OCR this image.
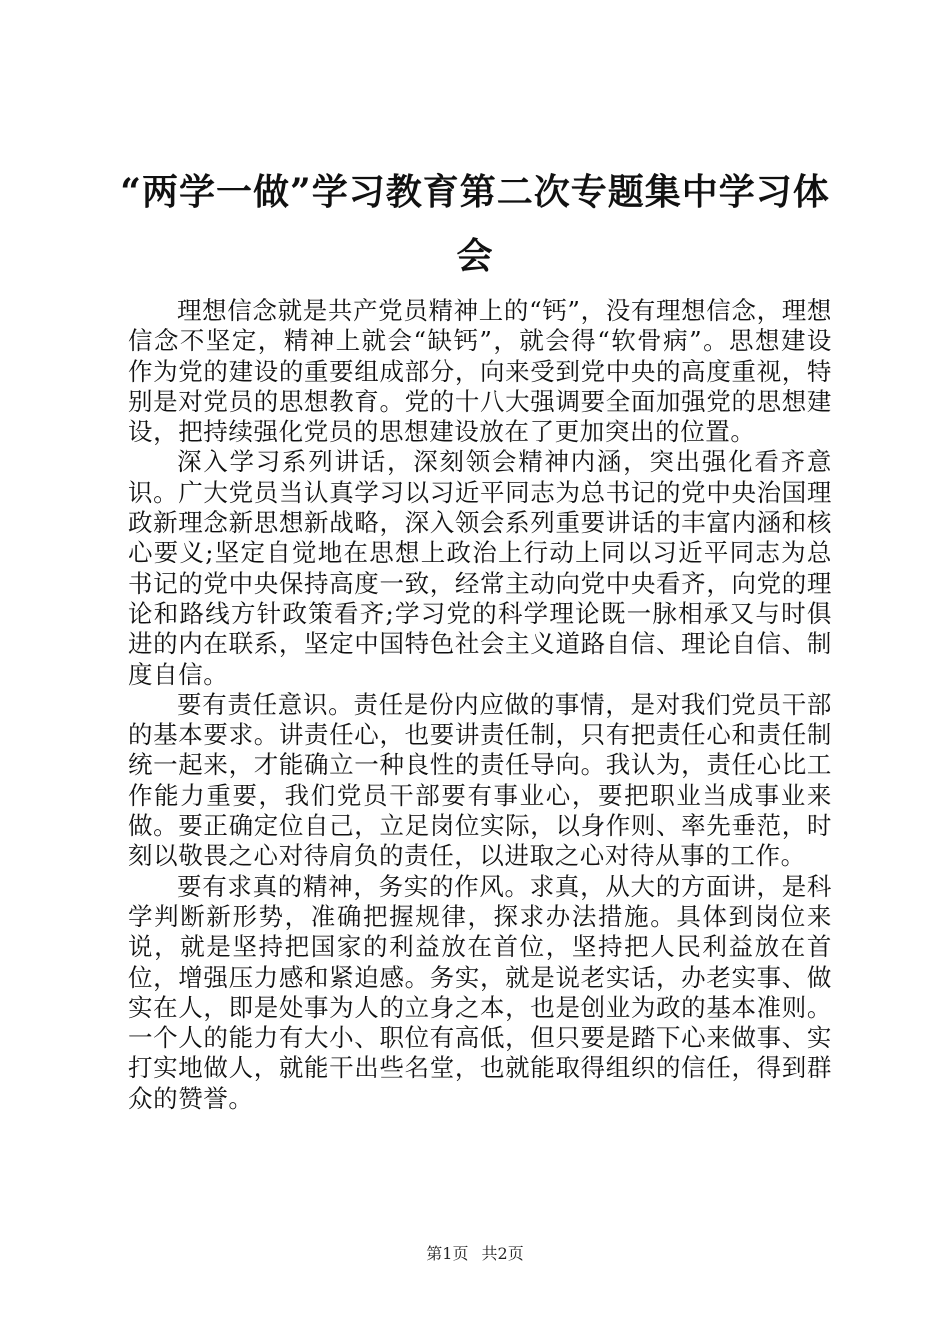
“两学一做”学习教育第二次专题集中学习体会

理想信念就是共产党员精神上的“钙”，没有理想信念，理想信念不坚定，精神上就会“缺钙”，就会得“软骨病”。思想建设作为党的建设的重要组成部分，向来受到党中央的高度重视，特别是对党员的思想教育。党的十八大强调要全面加强党的思想建设，把持续强化党员的思想建设放在了更加突出的位置。

深入学习系列讲话，深刻领会精神内涵，突出强化看齐意识。广大党员当认真学习以习近平同志为总书记的党中央治国理政新理念新思想新战略，深入领会系列重要讲话的丰富内涵和核心要义;坚定自觉地在思想上政治上行动上同以习近平同志为总书记的党中央保持高度一致，经常主动向党中央看齐，向党的理论和路线方针政策看齐;学习党的科学理论既一脉相承又与时俱进的内在联系，坚定中国特色社会主义道路自信、理论自信、制度自信。

要有责任意识。责任是份内应做的事情，是对我们党员干部的基本要求。讲责任心，也要讲责任制，只有把责任心和责任制统一起来，才能确立一种良性的责任导向。我认为，责任心比工作能力重要，我们党员干部要有事业心，要把职业当成事业来做。要正确定位自己，立足岗位实际，以身作则、率先垂范，时刻以敬畏之心对待肩负的责任，以进取之心对待从事的工作。

要有求真的精神，务实的作风。求真，从大的方面讲，是科学判断新形势，准确把握规律，探求办法措施。具体到岗位来说，就是坚持把国家的利益放在首位，坚持把人民利益放在首位，增强压力感和紧迫感。务实，就是说老实话，办老实事、做实在人，即是处事为人的立身之本，也是创业为政的基本准则。一个人的能力有大小、职位有高低，但只要是踏下心来做事、实打实地做人，就能干出些名堂，也就能取得组织的信任，得到群众的赞誉。

第1页 共2页
